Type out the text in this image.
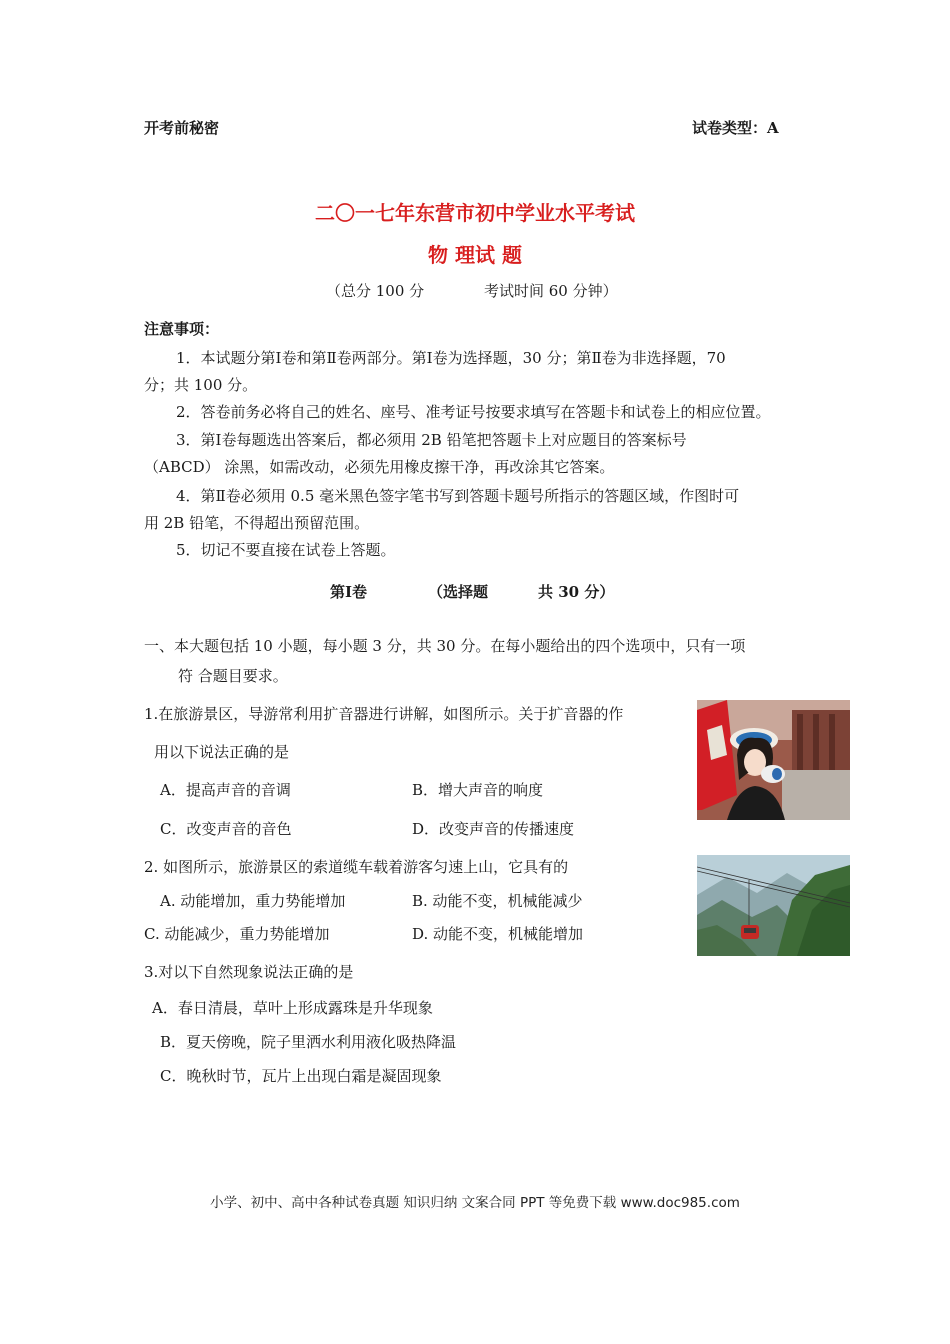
开考前秘密	试卷类型：A
二〇一七年东营市初中学业水平考试
物 理试 题
（总分 100 分	考试时间 60 分钟）
注意事项：
1．本试题分第Ⅰ卷和第Ⅱ卷两部分。第Ⅰ卷为选择题，30 分；第Ⅱ卷为非选择题，70
分；共 100 分。
2．答卷前务必将自己的姓名、座号、准考证号按要求填写在答题卡和试卷上的相应位置。
3．第Ⅰ卷每题选出答案后，都必须用 2B 铅笔把答题卡上对应题目的答案标号
（ABCD） 涂黑，如需改动，必须先用橡皮擦干净，再改涂其它答案。
4．第Ⅱ卷必须用 0.5 毫米黑色签字笔书写到答题卡题号所指示的答题区域，作图时可
用 2B 铅笔，不得超出预留范围。
5．切记不要直接在试卷上答题。
第Ⅰ卷	（选择题	共 30 分）
一、本大题包括 10 小题，每小题 3 分，共 30 分。在每小题给出的四个选项中，只有一项
符 合题目要求。
1.在旅游景区，导游常利用扩音器进行讲解，如图所示。关于扩音器的作
用以下说法正确的是
A．提高声音的音调	B．增大声音的响度
C．改变声音的音色	D．改变声音的传播速度
2. 如图所示，旅游景区的索道缆车载着游客匀速上山，它具有的
A. 动能增加，重力势能增加	B. 动能不变，机械能减少
C. 动能减少，重力势能增加	D. 动能不变，机械能增加
3.对以下自然现象说法正确的是
A．春日清晨，草叶上形成露珠是升华现象
B．夏天傍晚，院子里洒水利用液化吸热降温
C．晚秋时节，瓦片上出现白霜是凝固现象
小学、初中、高中各种试卷真题 知识归纳 文案合同 PPT 等免费下载 www.doc985.com
